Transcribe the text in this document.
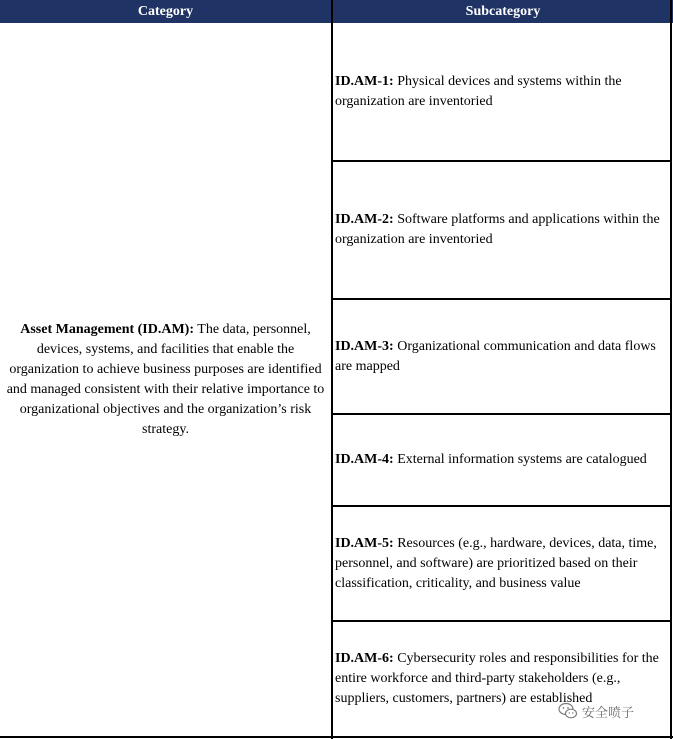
Category	Subcategory
Asset Management (ID.AM): The data, personnel, devices, systems, and facilities that enable the organization to achieve business purposes are identified and managed consistent with their relative importance to organizational objectives and the organization’s risk strategy.
ID.AM-1: Physical devices and systems within the organization are inventoried
ID.AM-2: Software platforms and applications within the organization are inventoried
ID.AM-3: Organizational communication and data flows are mapped
ID.AM-4: External information systems are catalogued
ID.AM-5: Resources (e.g., hardware, devices, data, time, personnel, and software) are prioritized based on their classification, criticality, and business value
ID.AM-6: Cybersecurity roles and responsibilities for the entire workforce and third-party stakeholders (e.g., suppliers, customers, partners) are established
安全喷子
